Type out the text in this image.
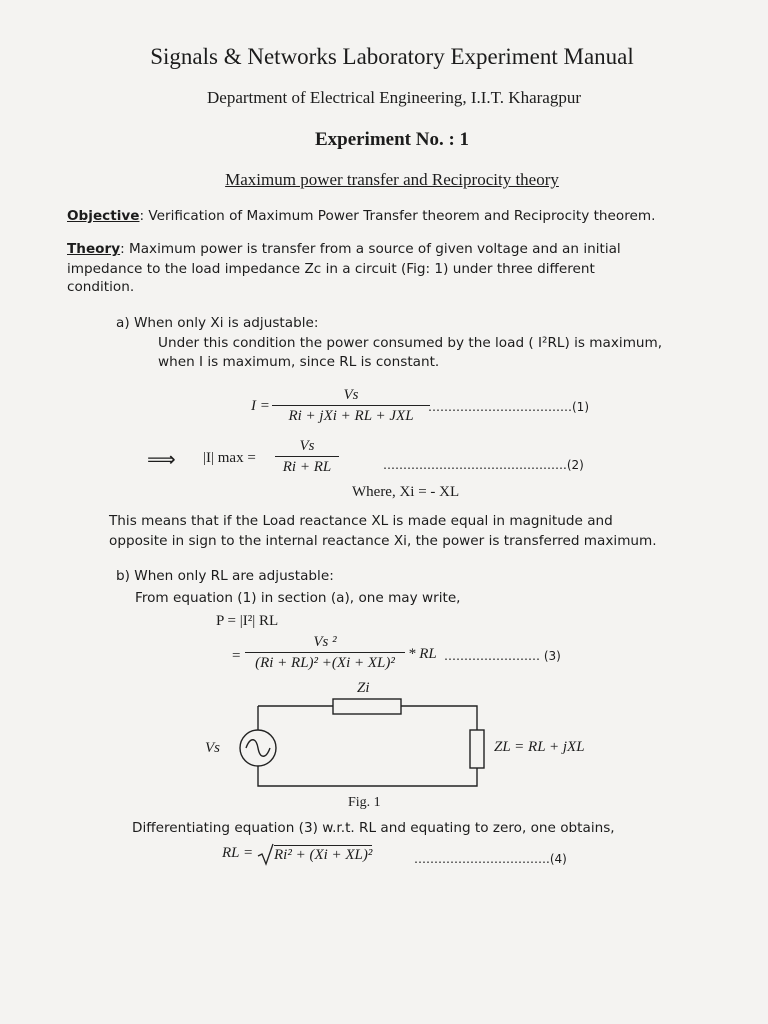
Signals & Networks Laboratory Experiment Manual
Department of Electrical Engineering, I.I.T. Kharagpur
Experiment No. : 1
Maximum power transfer and Reciprocity theory
Objective: Verification of Maximum Power Transfer theorem and Reciprocity theorem.
Theory: Maximum power is transfer from a source of given voltage and an initial
impedance to the load impedance Zc in a circuit (Fig: 1) under three different
condition.
a) When only Xi is adjustable:
Under this condition the power consumed by the load ( I²RL) is maximum,
when I is maximum, since RL is constant.
I =
Vs
Ri + jXi + RL + JXL
………………………………(1)
⟹ |I| max =
Vs
Ri + RL	……………………………………….(2)
Where, Xi = - XL
This means that if the Load reactance XL is made equal in magnitude and
opposite in sign to the internal reactance Xi, the power is transferred maximum.
b) When only RL are adjustable:
From equation (1) in section (a), one may write,
P = |I²| RL
=
Vs ²
(Ri + RL)² +(Xi + XL)²
* RL …………………… (3)
Zi
Vs	ZL = RL + jXL
Fig. 1
Differentiating equation (3) w.r.t. RL and equating to zero, one obtains,
RL = Ri² + (Xi + XL)²	…………………………….(4)
